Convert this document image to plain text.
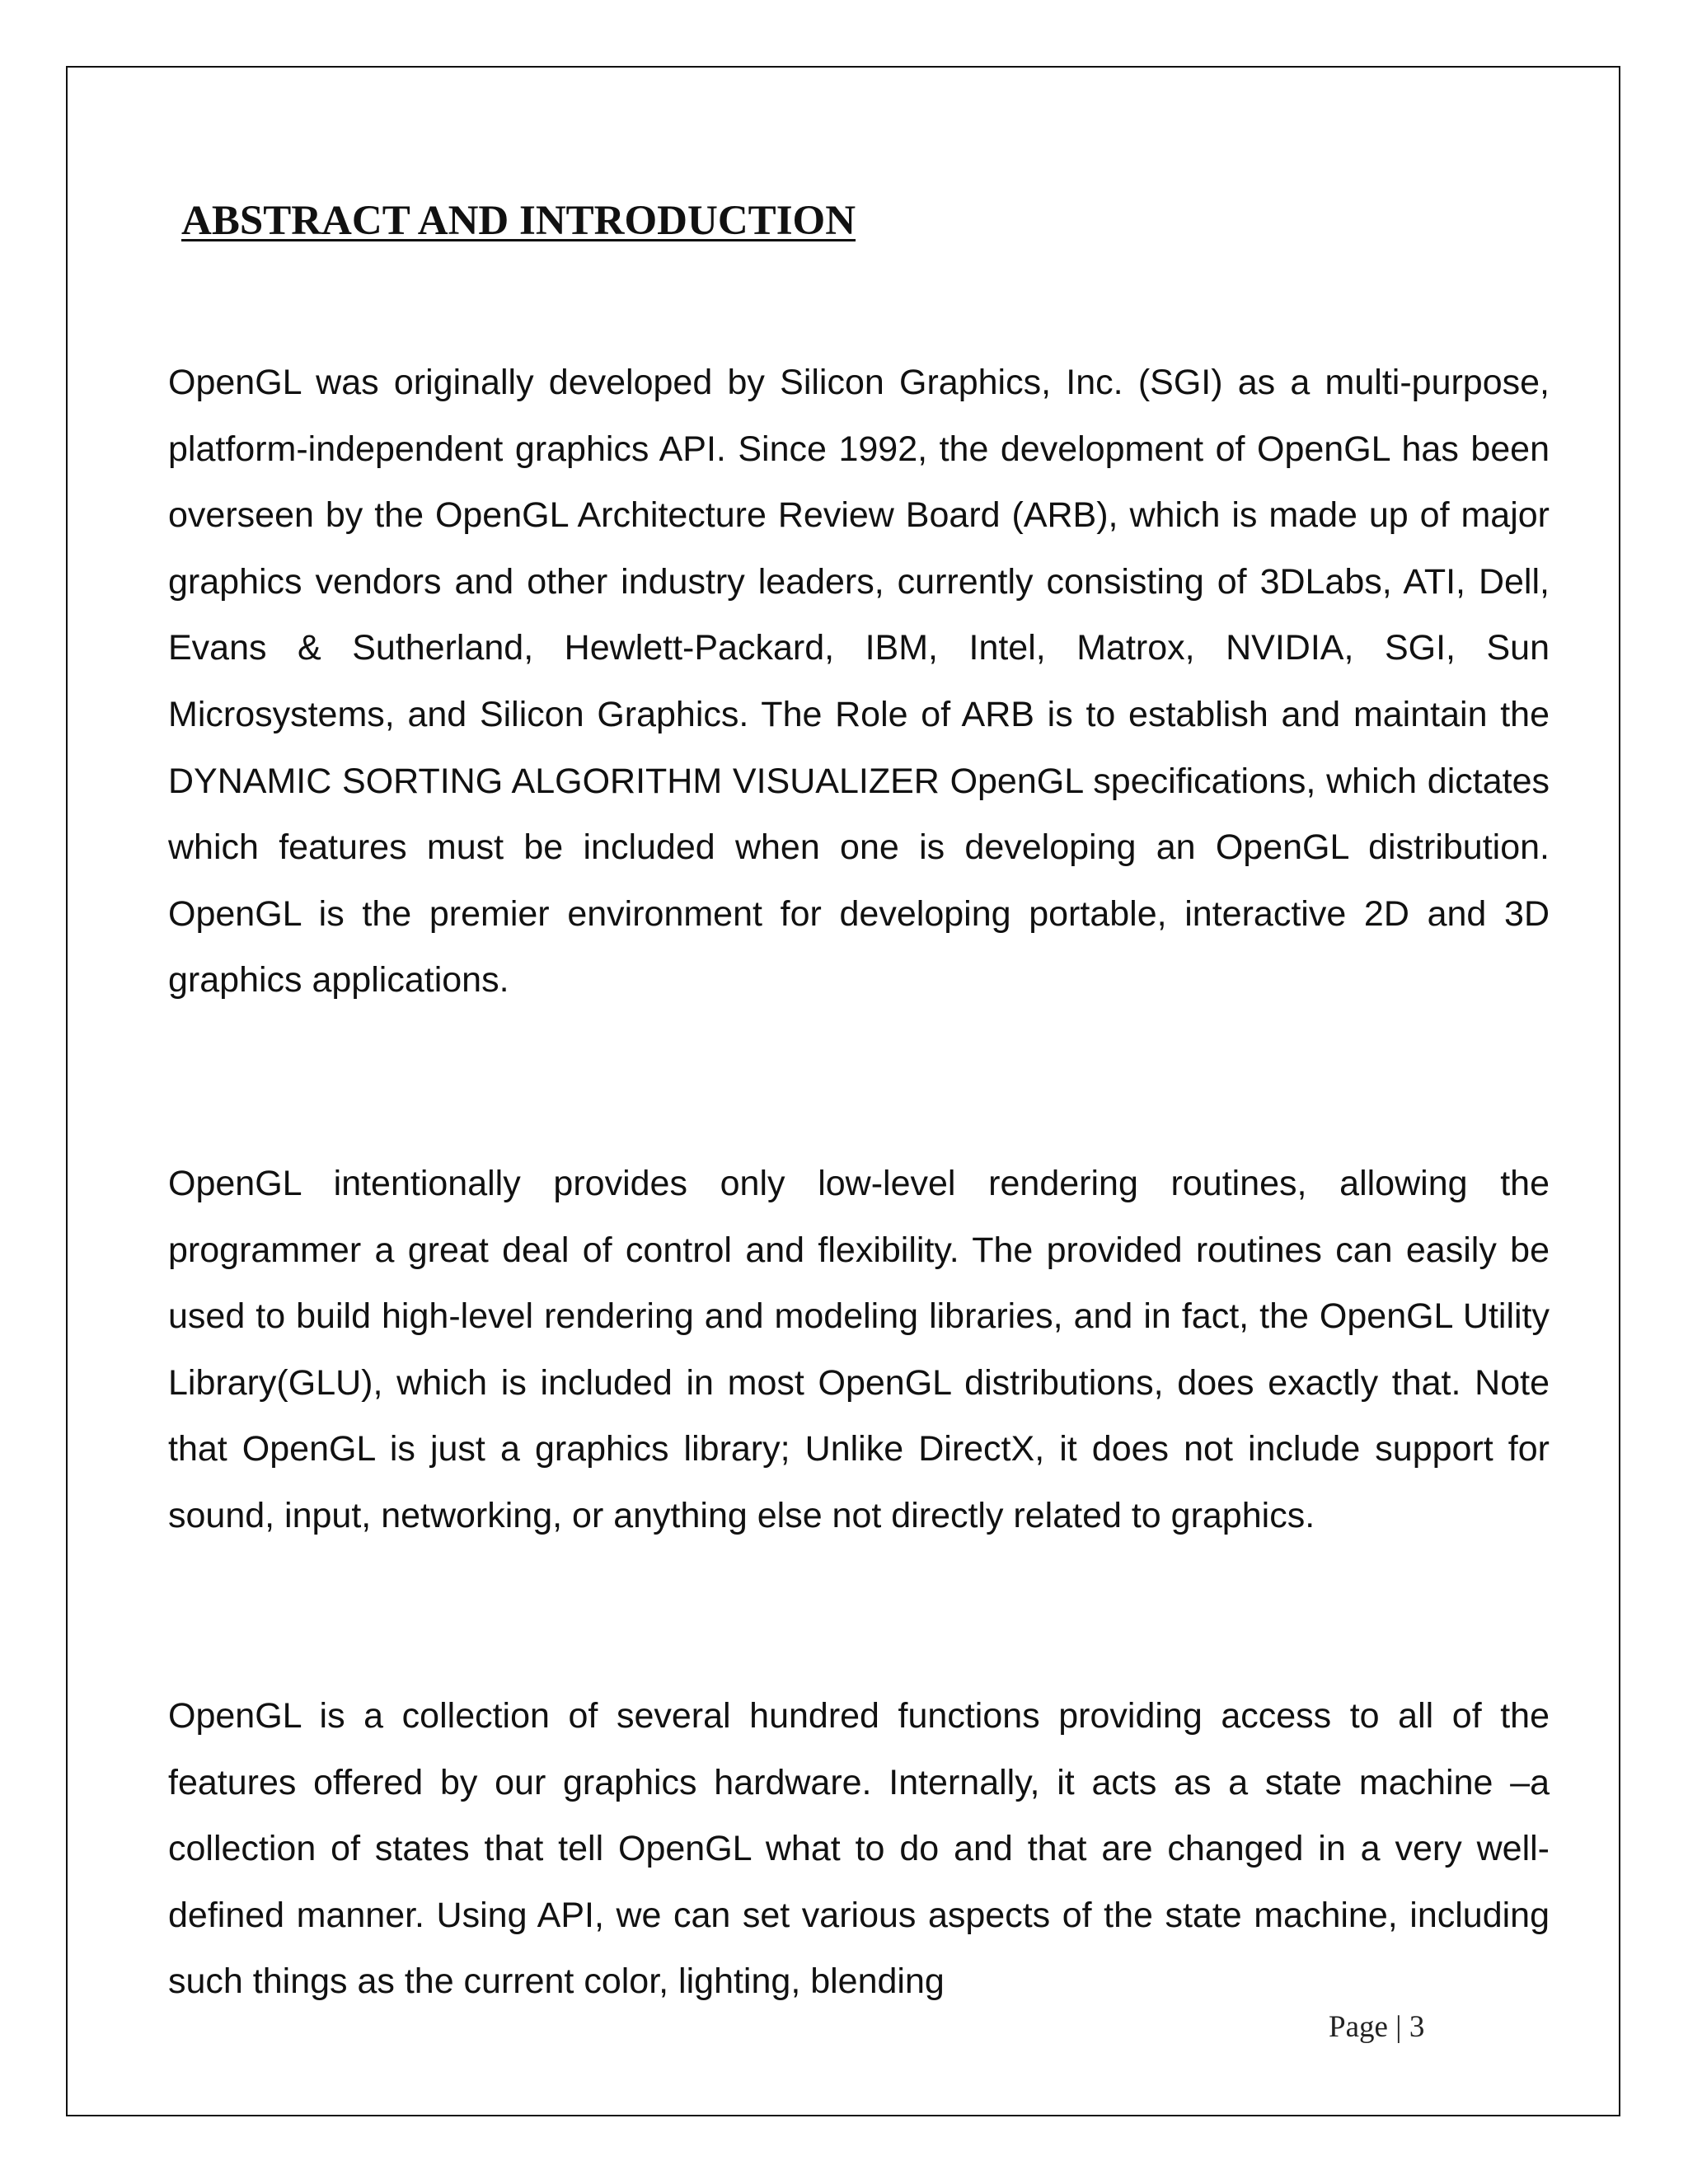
ABSTRACT AND INTRODUCTION

OpenGL was originally developed by Silicon Graphics, Inc. (SGI) as a multi-purpose, platform-independent graphics API. Since 1992, the development of OpenGL has been overseen by the OpenGL Architecture Review Board (ARB), which is made up of major graphics vendors and other industry leaders, currently consisting of 3DLabs, ATI, Dell, Evans & Sutherland, Hewlett-Packard, IBM, Intel, Matrox, NVIDIA, SGI, Sun Microsystems, and Silicon Graphics. The Role of ARB is to establish and maintain the DYNAMIC SORTING ALGORITHM VISUALIZER OpenGL specifications, which dictates which features must be included when one is developing an OpenGL distribution. OpenGL is the premier environment for developing portable, interactive 2D and 3D graphics applications.

OpenGL intentionally provides only low-level rendering routines, allowing the programmer a great deal of control and flexibility. The provided routines can easily be used to build high-level rendering and modeling libraries, and in fact, the OpenGL Utility Library(GLU), which is included in most OpenGL distributions, does exactly that. Note that OpenGL is just a graphics library; Unlike DirectX, it does not include support for sound, input, networking, or anything else not directly related to graphics.

OpenGL is a collection of several hundred functions providing access to all of the features offered by our graphics hardware. Internally, it acts as a state machine –a collection of states that tell OpenGL what to do and that are changed in a very well-defined manner. Using API, we can set various aspects of the state machine, including such things as the current color, lighting, blending

Page | 3
